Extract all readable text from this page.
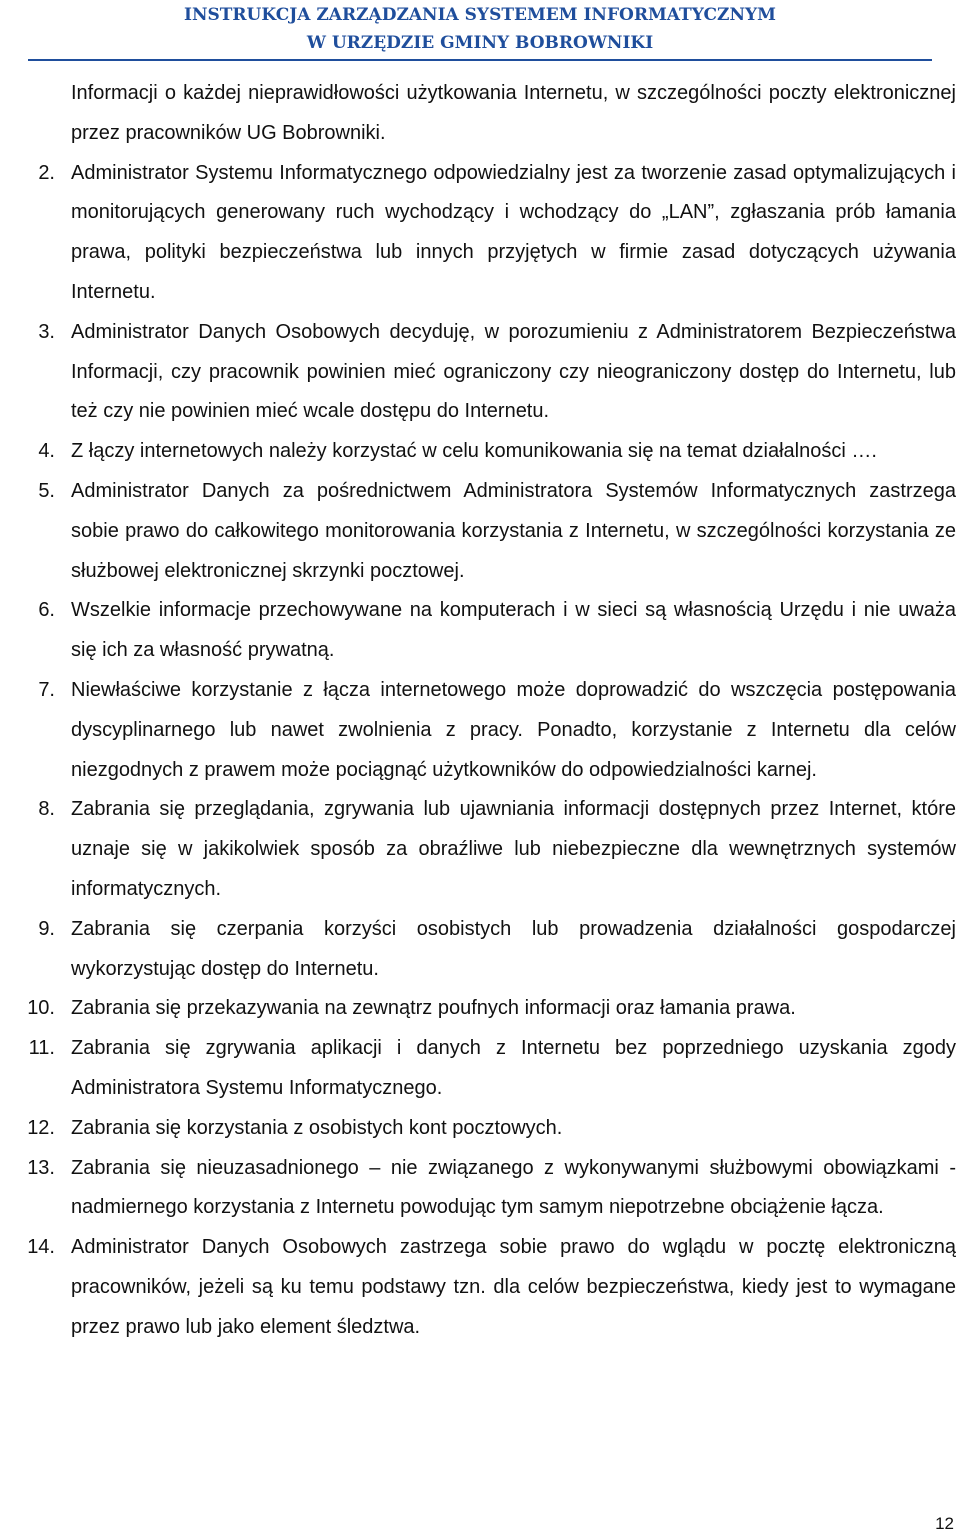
INSTRUKCJA ZARZĄDZANIA SYSTEMEM INFORMATYCZNYM
W URZĘDZIE GMINY BOBROWNIKI
Informacji o każdej nieprawidłowości użytkowania Internetu, w szczególności poczty elektronicznej przez pracowników UG Bobrowniki.
2. Administrator Systemu Informatycznego odpowiedzialny jest za tworzenie zasad optymalizujących i monitorujących generowany ruch wychodzący i wchodzący do „LAN”, zgłaszania prób łamania prawa, polityki bezpieczeństwa lub innych przyjętych w firmie zasad dotyczących używania Internetu.
3. Administrator Danych Osobowych decyduję, w porozumieniu z Administratorem Bezpieczeństwa Informacji, czy pracownik powinien mieć ograniczony czy nieograniczony dostęp do Internetu, lub też czy nie powinien mieć wcale dostępu do Internetu.
4. Z łączy internetowych należy korzystać w celu komunikowania się na temat działalności ….
5. Administrator Danych za pośrednictwem Administratora Systemów Informatycznych zastrzega sobie prawo do całkowitego monitorowania korzystania z Internetu, w szczególności korzystania ze służbowej elektronicznej skrzynki pocztowej.
6. Wszelkie informacje przechowywane na komputerach i w sieci są własnością Urzędu i nie uważa się ich za własność prywatną.
7. Niewłaściwe korzystanie z łącza internetowego może doprowadzić do wszczęcia postępowania dyscyplinarnego lub nawet zwolnienia z pracy. Ponadto, korzystanie z Internetu dla celów niezgodnych z prawem może pociągnąć użytkowników do odpowiedzialności karnej.
8. Zabrania się przeglądania, zgrywania lub ujawniania informacji dostępnych przez Internet, które uznaje się w jakikolwiek sposób za obraźliwe lub niebezpieczne dla wewnętrznych systemów informatycznych.
9. Zabrania się czerpania korzyści osobistych lub prowadzenia działalności gospodarczej wykorzystując dostęp do Internetu.
10. Zabrania się przekazywania na zewnątrz poufnych informacji oraz łamania prawa.
11. Zabrania się zgrywania aplikacji i danych z Internetu bez poprzedniego uzyskania zgody Administratora Systemu Informatycznego.
12. Zabrania się korzystania z osobistych kont pocztowych.
13. Zabrania się nieuzasadnionego – nie związanego z wykonywanymi służbowymi obowiązkami - nadmiernego korzystania z Internetu powodując tym samym niepotrzebne obciążenie łącza.
14. Administrator Danych Osobowych zastrzega sobie prawo do wglądu w pocztę elektroniczną pracowników, jeżeli są ku temu podstawy tzn. dla celów bezpieczeństwa, kiedy jest to wymagane przez prawo lub jako element śledztwa.
12
